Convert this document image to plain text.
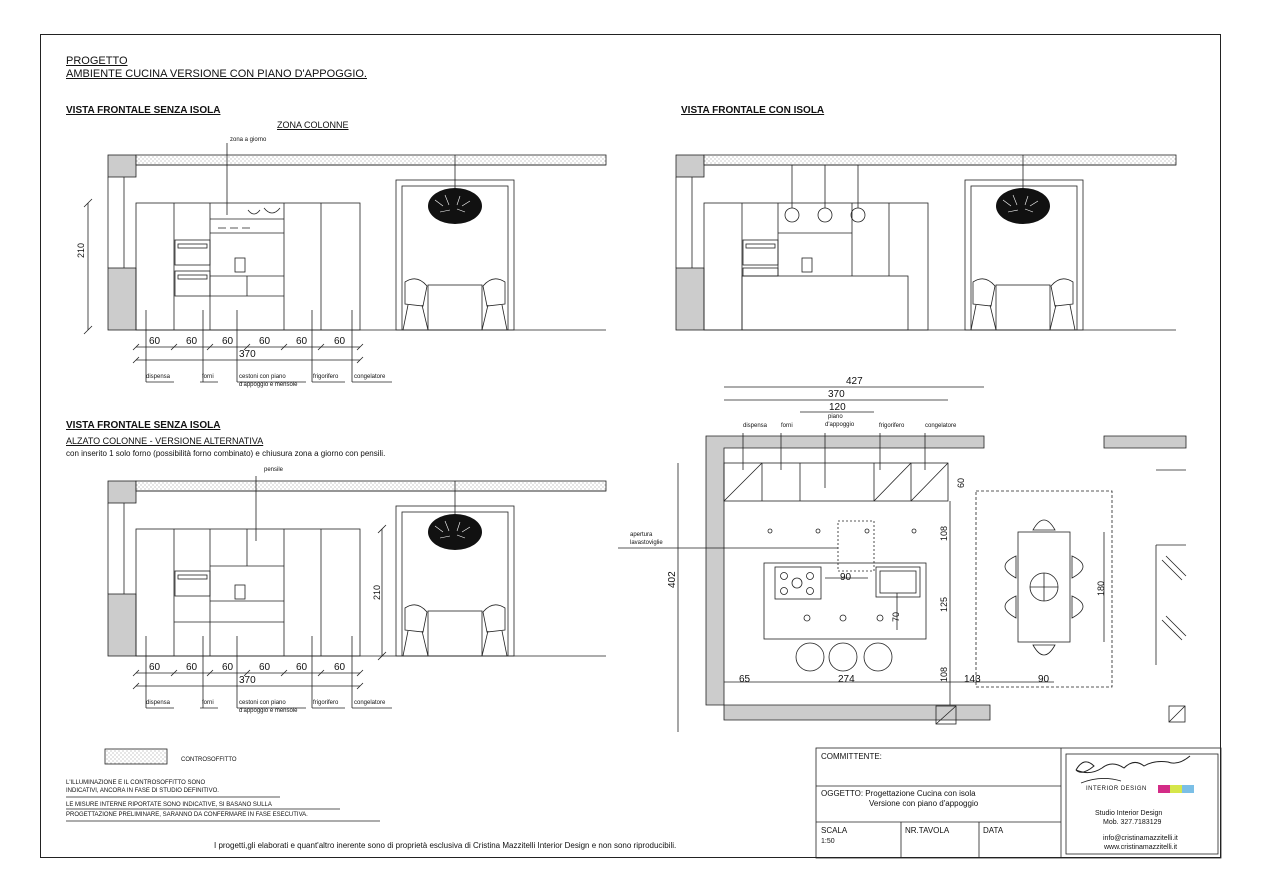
PROGETTO
AMBIENTE CUCINA VERSIONE CON PIANO D'APPOGGIO.
VISTA FRONTALE SENZA ISOLA
ZONA COLONNE
zona a giorno
VISTA FRONTALE CON ISOLA
VISTA FRONTALE SENZA ISOLA
ALZATO COLONNE - VERSIONE ALTERNATIVA
con inserito 1 solo forno (possibilità forno combinato) e chiusura zona a giorno con pensili.
pensile
210
60	60 60	60	60	60
370
dispensa	forni	cestoni con piano
d'appoggio e mensole
frigorifero	congelatore
210
60	60 60	60	60	60
370
dispensa	forni	cestoni con piano
d'appoggio e mensole
frigorifero	congelatore
427
370
120
dispensa forni
piano
d'appoggio	frigorifero	congelatore
60
apertura
lavastoviglie
402
108
125
108
90
70
180
65	274	143	90
CONTROSOFFITTO
L'ILLUMINAZIONE E IL CONTROSOFFITTO SONO
INDICATIVI, ANCORA IN FASE DI STUDIO DEFINITIVO.
LE MISURE INTERNE RIPORTATE SONO INDICATIVE, SI BASANO SULLA
PROGETTAZIONE PRELIMINARE, SARANNO DA CONFERMARE IN FASE ESECUTIVA.
I progetti,gli elaborati e quant'altro inerente sono di proprietà esclusiva di Cristina Mazzitelli Interior Design e non sono riproducibili.
COMMITTENTE:
OGGETTO: Progettazione Cucina con isola
Versione con piano d'appoggio
SCALA
1:50
NR.TAVOLA	DATA
INTERIOR DESIGN
Studio Interior Design
Mob. 327.7183129
info@cristinamazzitelli.it
www.cristinamazzitelli.it
